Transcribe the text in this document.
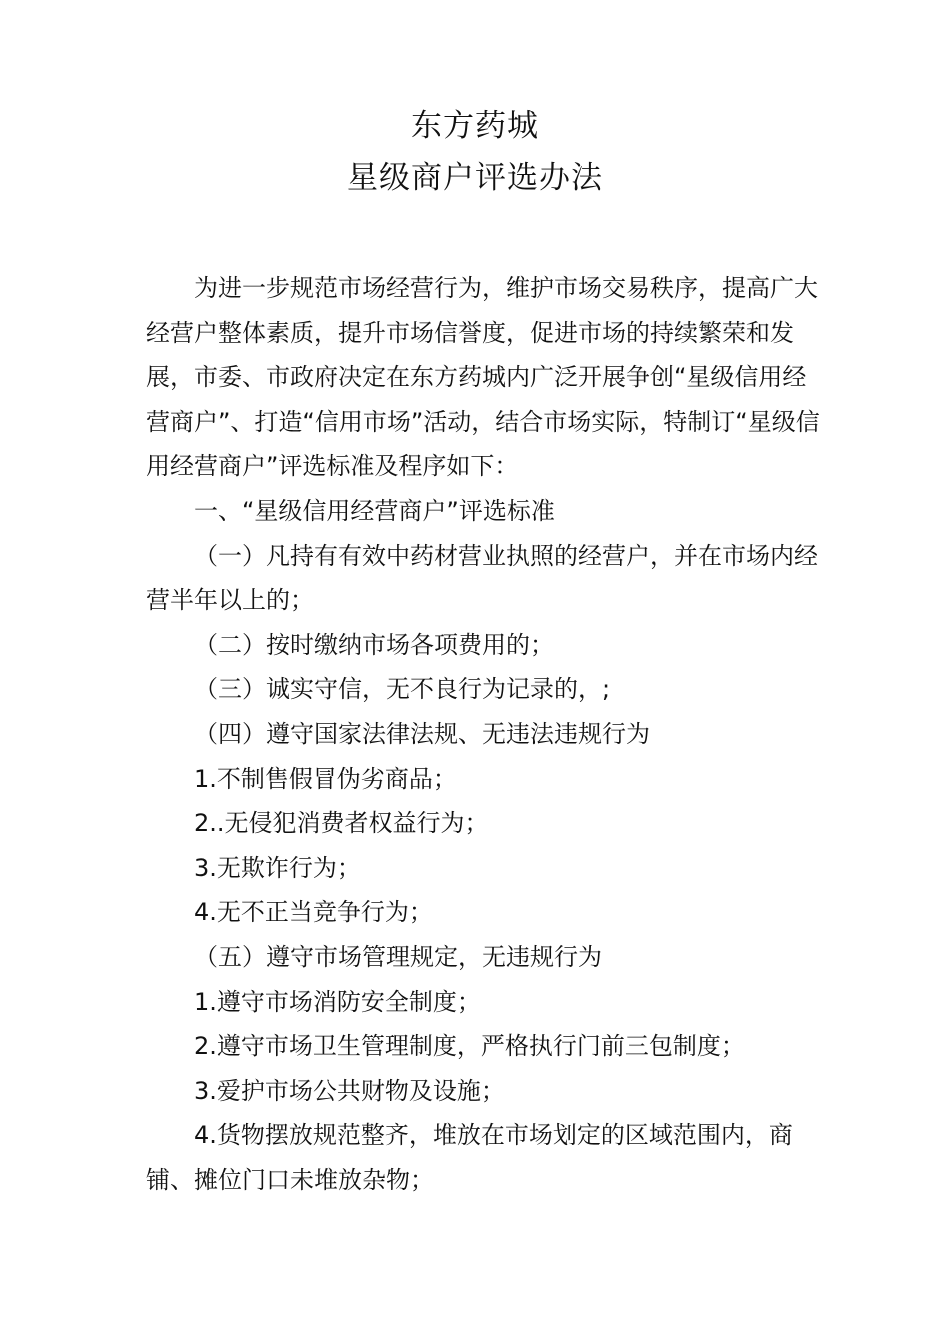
东方药城
星级商户评选办法

为进一步规范市场经营行为，维护市场交易秩序，提高广大经营户整体素质，提升市场信誉度，促进市场的持续繁荣和发展，市委、市政府决定在东方药城内广泛开展争创“星级信用经营商户”、打造“信用市场”活动，结合市场实际，特制订“星级信用经营商户”评选标准及程序如下：

一、“星级信用经营商户”评选标准

（一）凡持有有效中药材营业执照的经营户，并在市场内经营半年以上的；

（二）按时缴纳市场各项费用的；

（三）诚实守信，无不良行为记录的，;

（四）遵守国家法律法规、无违法违规行为

1.不制售假冒伪劣商品；

2..无侵犯消费者权益行为；

3.无欺诈行为；

4.无不正当竞争行为；

（五）遵守市场管理规定，无违规行为

1.遵守市场消防安全制度；

2.遵守市场卫生管理制度，严格执行门前三包制度；

3.爱护市场公共财物及设施；

4.货物摆放规范整齐，堆放在市场划定的区域范围内，商铺、摊位门口未堆放杂物；
